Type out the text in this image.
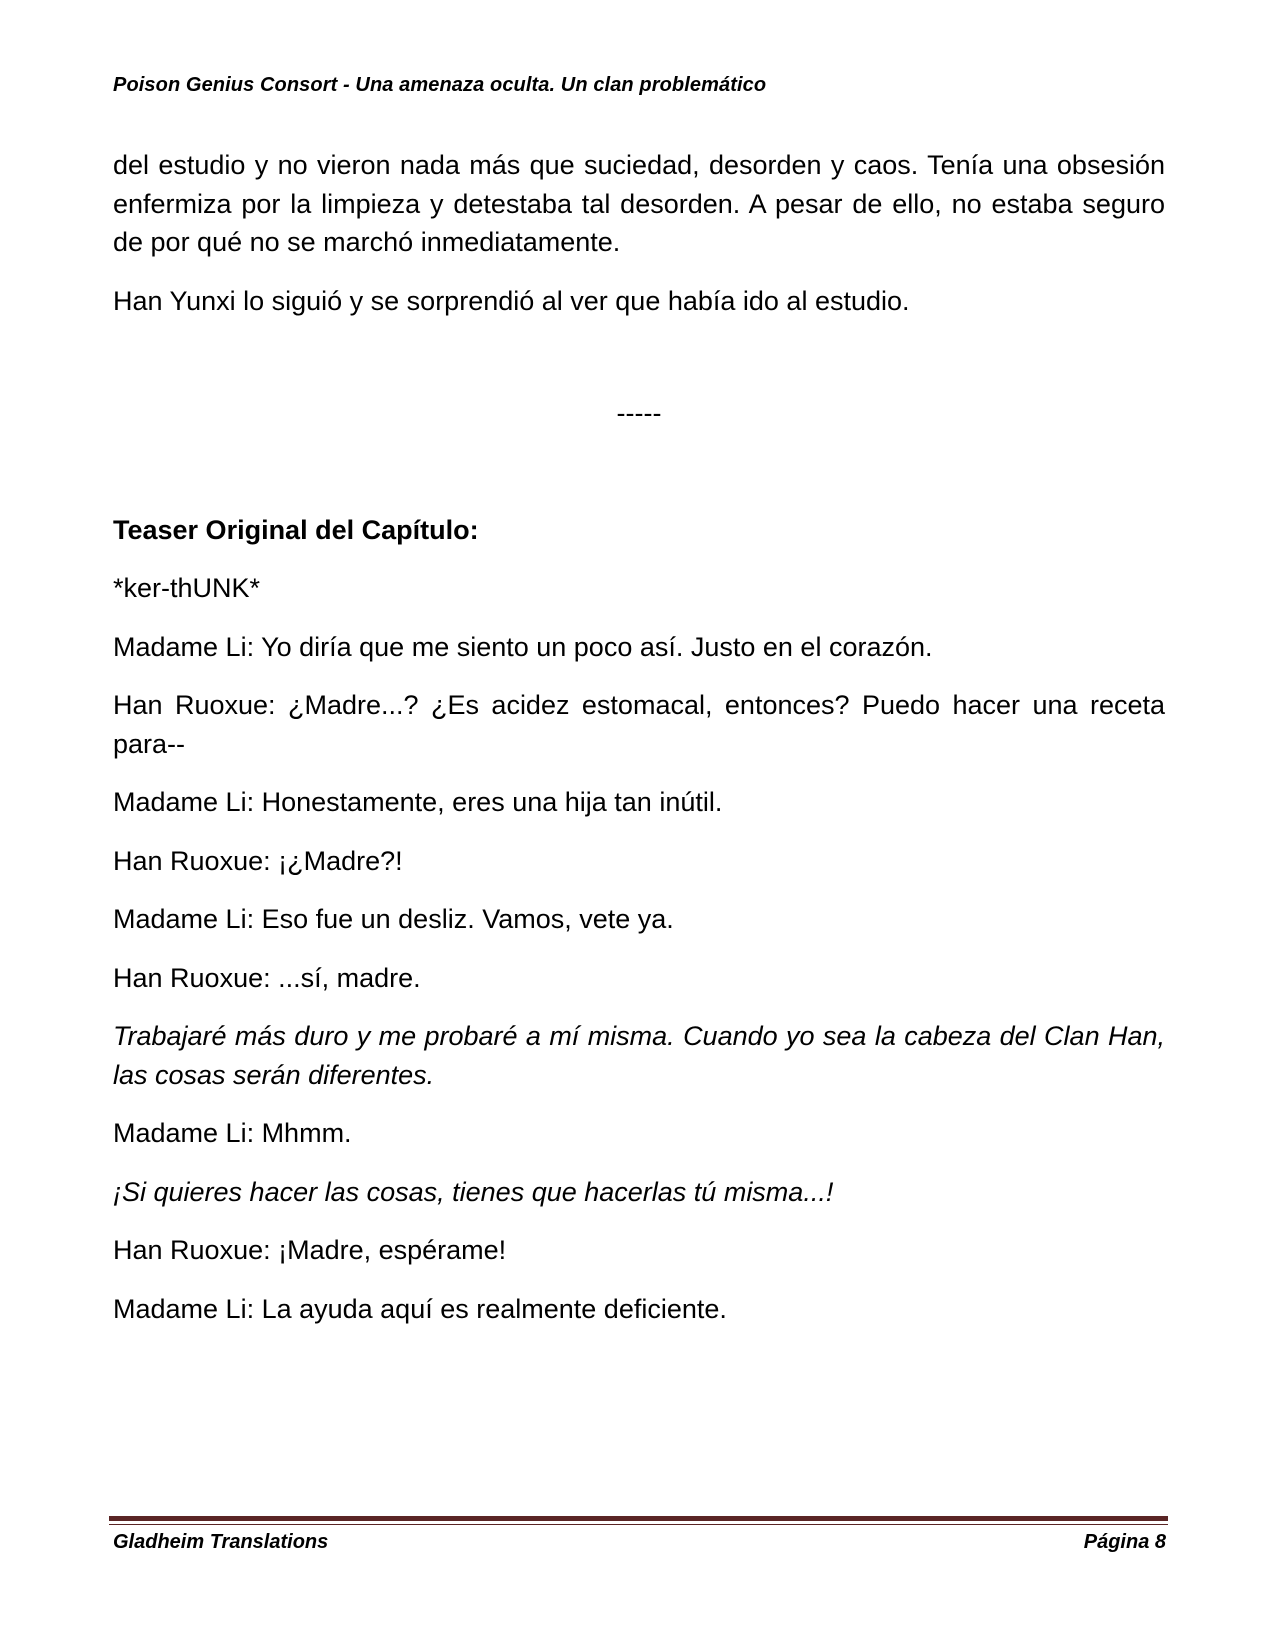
Poison Genius Consort - Una amenaza oculta. Un clan problemático

del estudio y no vieron nada más que suciedad, desorden y caos. Tenía una obsesión enfermiza por la limpieza y detestaba tal desorden. A pesar de ello, no estaba seguro de por qué no se marchó inmediatamente.

Han Yunxi lo siguió y se sorprendió al ver que había ido al estudio.

-----

Teaser Original del Capítulo:

*ker-thUNK*

Madame Li: Yo diría que me siento un poco así. Justo en el corazón.

Han Ruoxue: ¿Madre...? ¿Es acidez estomacal, entonces? Puedo hacer una receta para--

Madame Li: Honestamente, eres una hija tan inútil.

Han Ruoxue: ¡¿Madre?!

Madame Li: Eso fue un desliz. Vamos, vete ya.

Han Ruoxue: ...sí, madre.

Trabajaré más duro y me probaré a mí misma. Cuando yo sea la cabeza del Clan Han, las cosas serán diferentes.

Madame Li: Mhmm.

¡Si quieres hacer las cosas, tienes que hacerlas tú misma...!

Han Ruoxue: ¡Madre, espérame!

Madame Li: La ayuda aquí es realmente deficiente.

Gladheim Translations	Página 8
